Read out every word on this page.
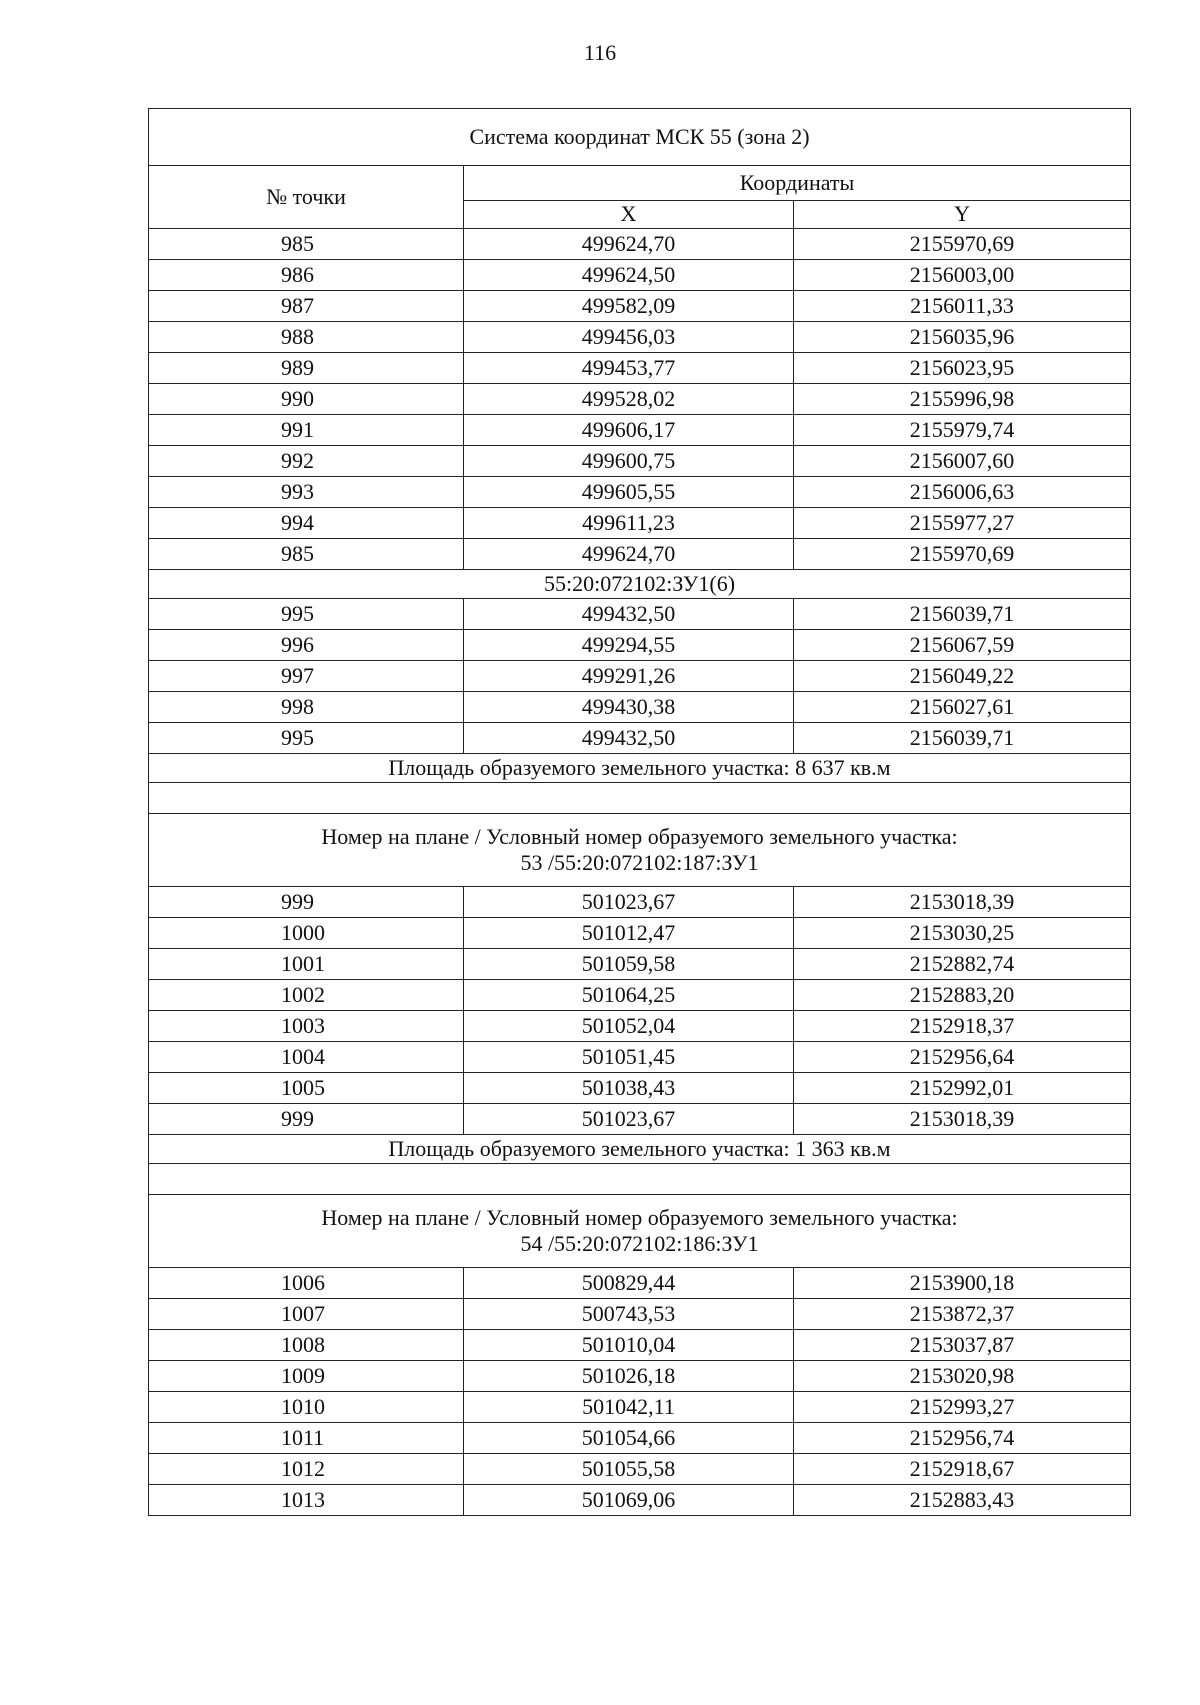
116
Система координат МСК 55 (зона 2)		
№ точки	Координаты	
	X	Y
985	499624,70	2155970,69
986	499624,50	2156003,00
987	499582,09	2156011,33
988	499456,03	2156035,96
989	499453,77	2156023,95
990	499528,02	2155996,98
991	499606,17	2155979,74
992	499600,75	2156007,60
993	499605,55	2156006,63
994	499611,23	2155977,27
985	499624,70	2155970,69
55:20:072102:ЗУ1(6)		
995	499432,50	2156039,71
996	499294,55	2156067,59
997	499291,26	2156049,22
998	499430,38	2156027,61
995	499432,50	2156039,71
Площадь образуемого земельного участка: 8 637 кв.м		

Номер на плане / Условный номер образуемого земельного участка:
53 /55:20:072102:187:ЗУ1		

999	501023,67	2153018,39
1000	501012,47	2153030,25
1001	501059,58	2152882,74
1002	501064,25	2152883,20
1003	501052,04	2152918,37
1004	501051,45	2152956,64
1005	501038,43	2152992,01
999	501023,67	2153018,39
Площадь образуемого земельного участка: 1 363 кв.м		

Номер на плане / Условный номер образуемого земельного участка:
54 /55:20:072102:186:ЗУ1		

1006	500829,44	2153900,18
1007	500743,53	2153872,37
1008	501010,04	2153037,87
1009	501026,18	2153020,98
1010	501042,11	2152993,27
1011	501054,66	2152956,74
1012	501055,58	2152918,67
1013	501069,06	2152883,43
